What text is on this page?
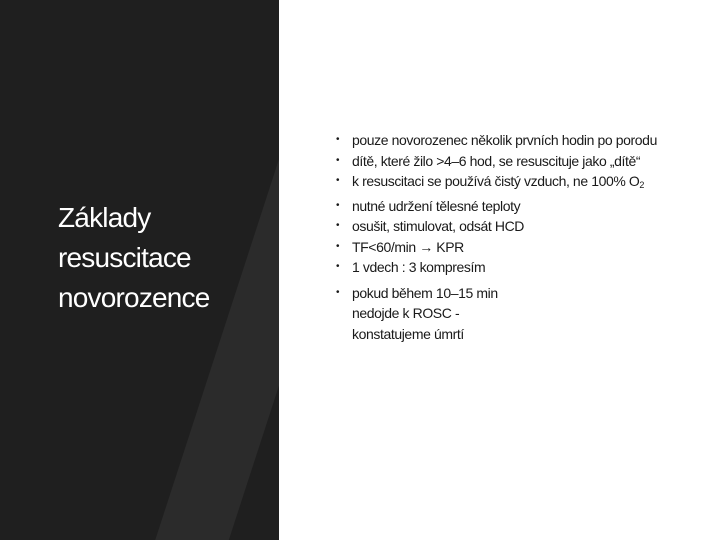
Základy
resuscitace
novorozence
• pouze novorozenec několik prvních hodin po porodu
• dítě, které žilo >4–6 hod, se resuscituje jako „dítě“
• k resuscitaci se používá čistý vzduch, ne 100% $O_2$
• nutné udržení tělesné teploty
• osušit, stimulovat, odsát HCD
• TF<60/min → KPR
• 1 vdech : 3 kompresím
• pokud během 10–15 min nedojde k ROSC - konstatujeme úmrtí
